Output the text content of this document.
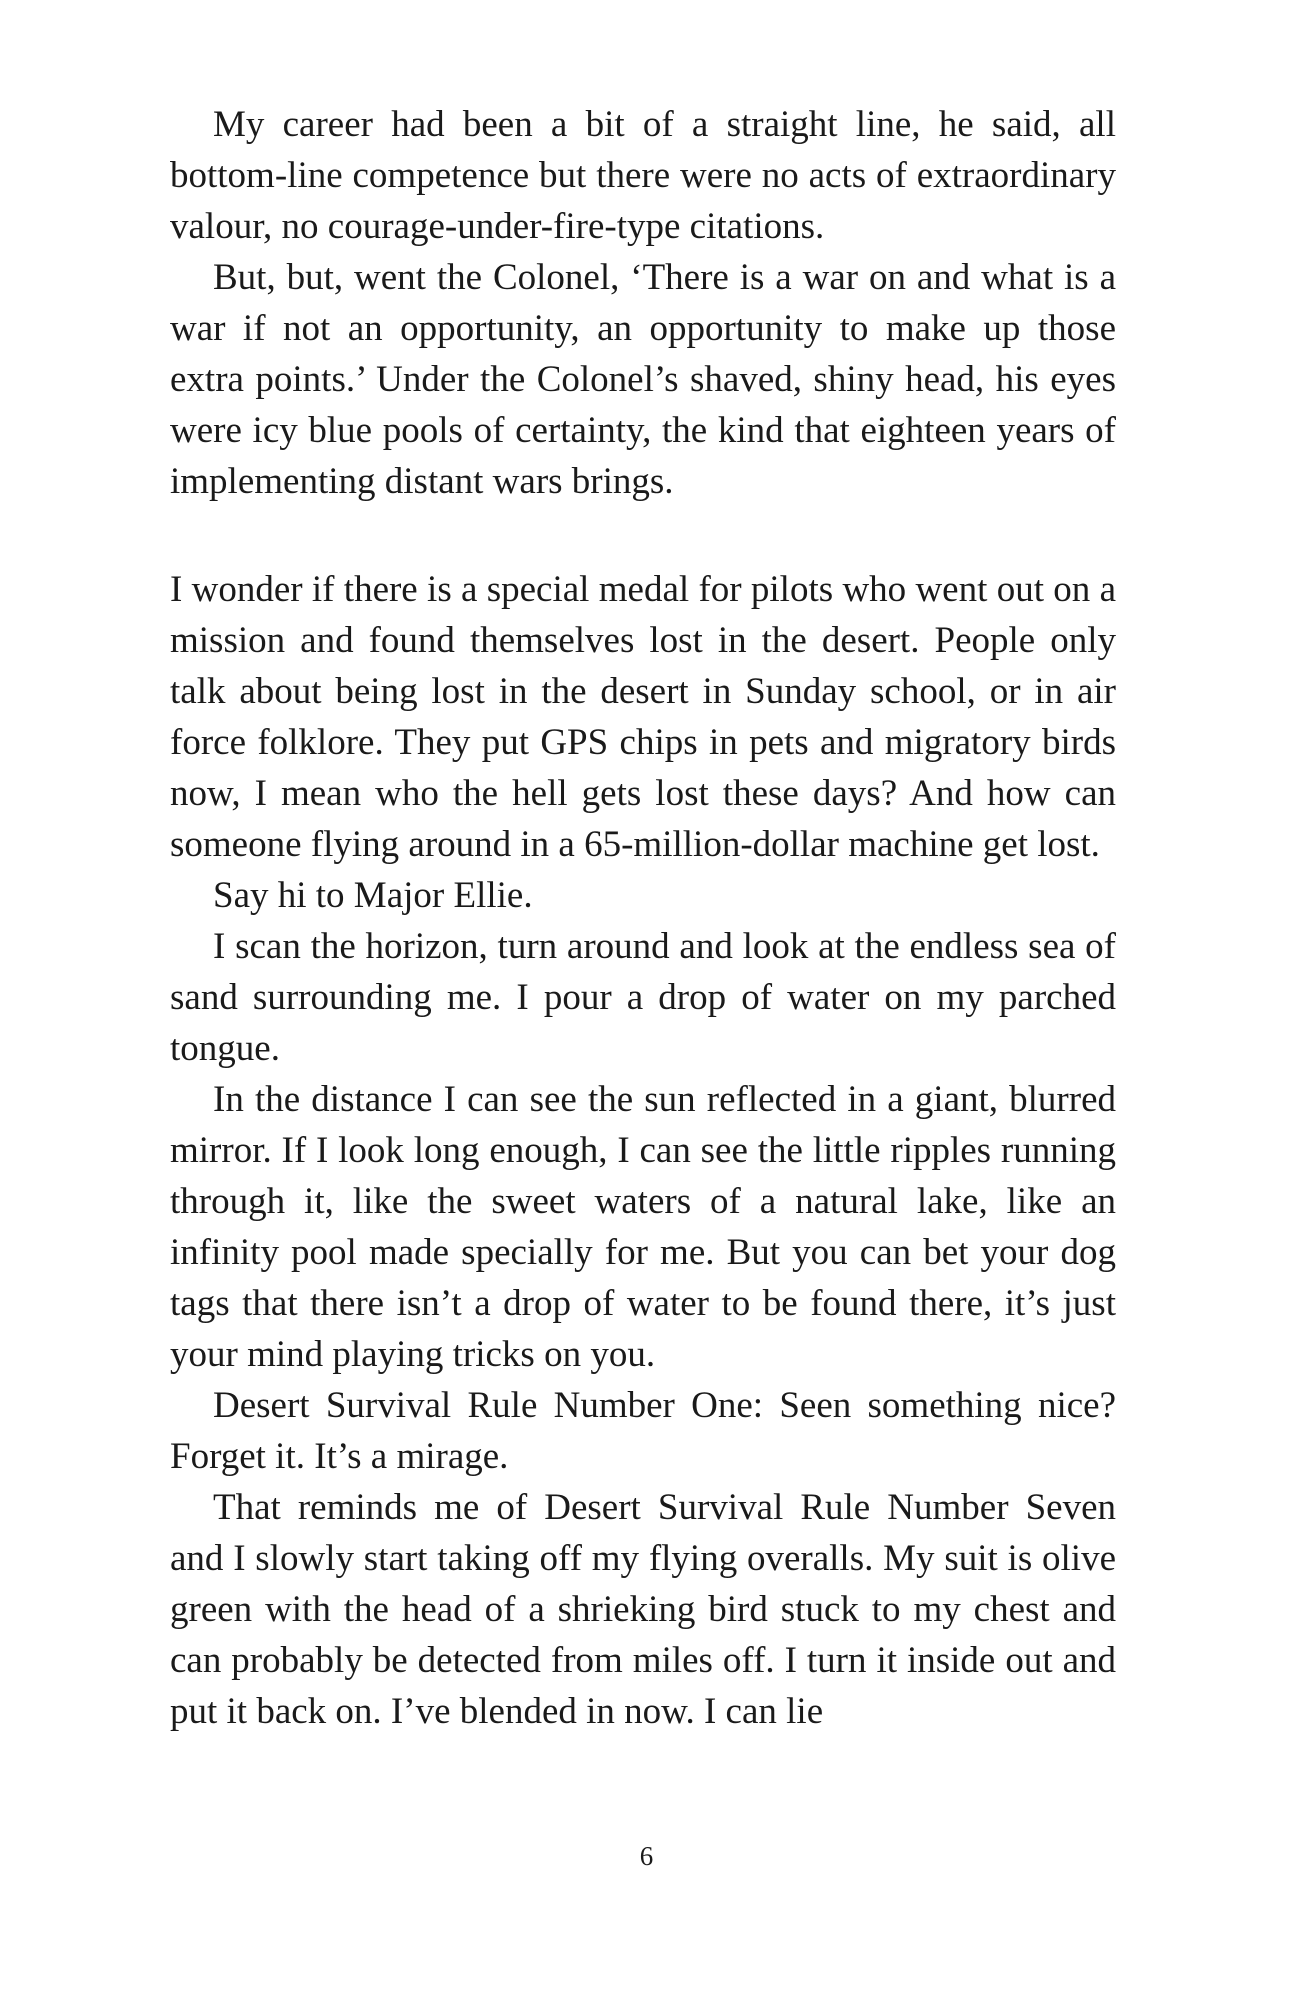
My career had been a bit of a straight line, he said, all bottom-line competence but there were no acts of extraordinary valour, no courage-under-fire-type citations.

But, but, went the Colonel, ‘There is a war on and what is a war if not an opportunity, an opportunity to make up those extra points.’ Under the Colonel’s shaved, shiny head, his eyes were icy blue pools of certainty, the kind that eighteen years of implementing distant wars brings.

I wonder if there is a special medal for pilots who went out on a mission and found themselves lost in the desert. People only talk about being lost in the desert in Sunday school, or in air force folklore. They put GPS chips in pets and migratory birds now, I mean who the hell gets lost these days? And how can someone flying around in a 65-million-dollar machine get lost.

Say hi to Major Ellie.

I scan the horizon, turn around and look at the endless sea of sand surrounding me. I pour a drop of water on my parched tongue.

In the distance I can see the sun reflected in a giant, blurred mirror. If I look long enough, I can see the little ripples running through it, like the sweet waters of a natural lake, like an infinity pool made specially for me. But you can bet your dog tags that there isn’t a drop of water to be found there, it’s just your mind playing tricks on you.

Desert Survival Rule Number One: Seen something nice? Forget it. It’s a mirage.

That reminds me of Desert Survival Rule Number Seven and I slowly start taking off my flying overalls. My suit is olive green with the head of a shrieking bird stuck to my chest and can probably be detected from miles off. I turn it inside out and put it back on. I’ve blended in now. I can lie

6
